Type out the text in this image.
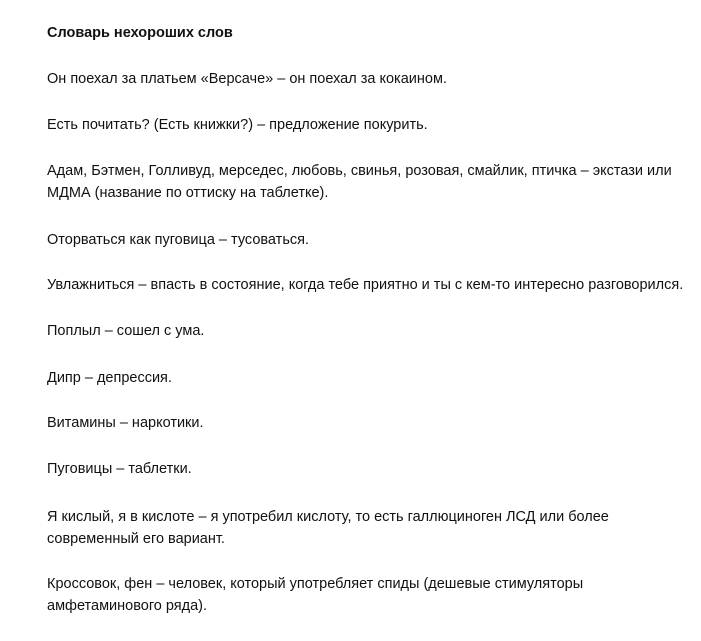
Словарь нехороших слов

Он поехал за платьем «Версаче» – он поехал за кокаином.

Есть почитать? (Есть книжки?) – предложение покурить.

Адам, Бэтмен, Голливуд, мерседес, любовь, свинья, розовая, смайлик, птичка – экстази или МДМА (название по оттиску на таблетке).

Оторваться как пуговица – тусоваться.

Увлажниться – впасть в состояние, когда тебе приятно и ты с кем-то интересно разговорился.

Поплыл – сошел с ума.

Дипр – депрессия.

Витамины – наркотики.

Пуговицы – таблетки.

Я кислый, я в кислоте – я употребил кислоту, то есть галлюциноген ЛСД или более современный его вариант.

Кроссовок, фен – человек, который употребляет спиды (дешевые стимуляторы амфетаминового ряда).
